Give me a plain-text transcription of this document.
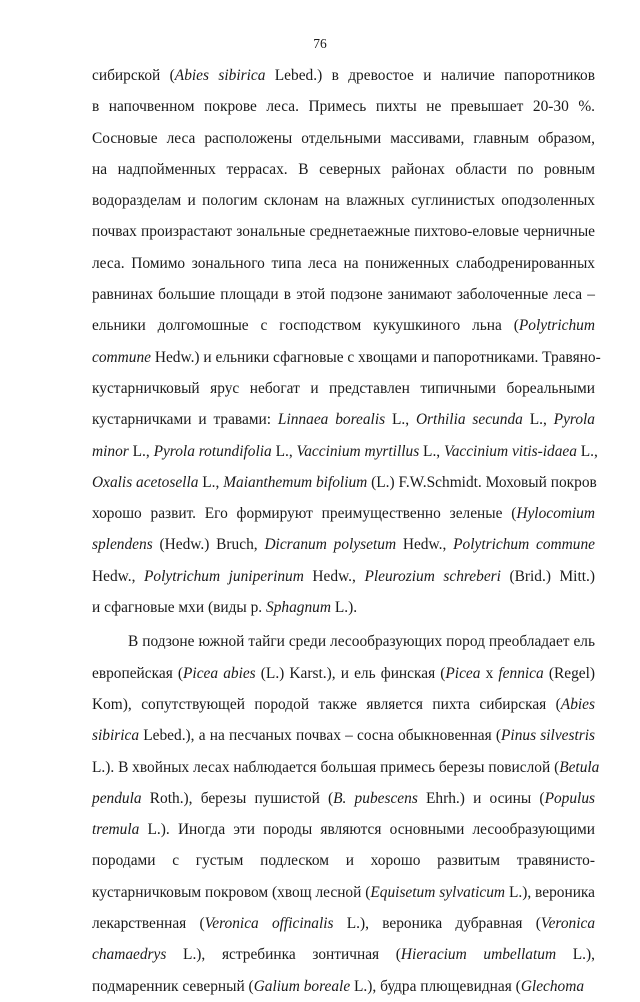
76
сибирской (Abies sibirica Lebed.) в древостое и наличие папоротников
в напочвенном покрове леса. Примесь пихты не превышает 20-30 %.
Сосновые леса расположены отдельными массивами, главным образом,
на надпойменных террасах. В северных районах области по ровным
водоразделам и пологим склонам на влажных суглинистых оподзоленных
почвах произрастают зональные среднетаежные пихтово-еловые черничные
леса. Помимо зонального типа леса на пониженных слабодренированных
равнинах большие площади в этой подзоне занимают заболоченные леса –
ельники долгомошные с господством кукушкиного льна (Polytrichum
commune Hedw.) и ельники сфагновые с хвощами и папоротниками. Травяно-
кустарничковый ярус небогат и представлен типичными бореальными
кустарничками и травами: Linnaea borealis L., Orthilia secunda L., Pyrola
minor L., Pyrola rotundifolia L., Vaccinium myrtillus L., Vaccinium vitis-idaea L.,
Oxalis acetosella L., Maianthemum bifolium (L.) F.W.Schmidt. Моховый покров
хорошо развит. Его формируют преимущественно зеленые (Hylocomium
splendens (Hedw.) Bruch, Dicranum polysetum Hedw., Polytrichum commune
Hedw., Polytrichum juniperinum Hedw., Pleurozium schreberi (Brid.) Mitt.)
и сфагновые мхи (виды р. Sphagnum L.).
В подзоне южной тайги среди лесообразующих пород преобладает ель
европейская (Picea abies (L.) Karst.), и ель финская (Picea x fennica (Regel)
Kom), сопутствующей породой также является пихта сибирская (Abies
sibirica Lebed.), а на песчаных почвах – сосна обыкновенная (Pinus silvestris
L.). В хвойных лесах наблюдается большая примесь березы повислой (Betula
pendula Roth.), березы пушистой (B. pubescens Ehrh.) и осины (Populus
tremula L.). Иногда эти породы являются основными лесообразующими
породами с густым подлеском и хорошо развитым травянисто-
кустарничковым покровом (хвощ лесной (Equisetum sylvaticum L.), вероника
лекарственная (Veronica officinalis L.), вероника дубравная (Veronica
chamaedrys L.), ястребинка зонтичная (Hieracium umbellatum L.),
подмаренник северный (Galium boreale L.), будра плющевидная (Glechoma
